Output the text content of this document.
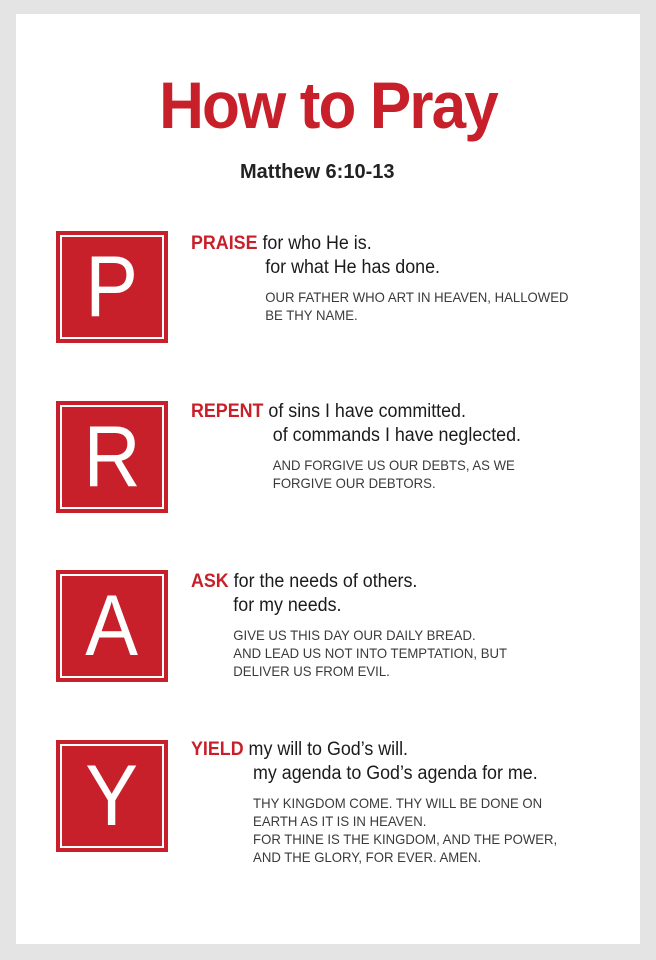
How to Pray
Matthew 6:10-13
P	PRAISE for who He is.
for what He has done.
OUR FATHER WHO ART IN HEAVEN, HALLOWED
BE THY NAME.
R	REPENT of sins I have committed.
of commands I have neglected.
AND FORGIVE US OUR DEBTS, AS WE
FORGIVE OUR DEBTORS.
A	ASK for the needs of others.
for my needs.
GIVE US THIS DAY OUR DAILY BREAD.
AND LEAD US NOT INTO TEMPTATION, BUT
DELIVER US FROM EVIL.
Y	YIELD my will to God’s will.
my agenda to God’s agenda for me.
THY KINGDOM COME. THY WILL BE DONE ON
EARTH AS IT IS IN HEAVEN.
FOR THINE IS THE KINGDOM, AND THE POWER,
AND THE GLORY, FOR EVER. AMEN.
